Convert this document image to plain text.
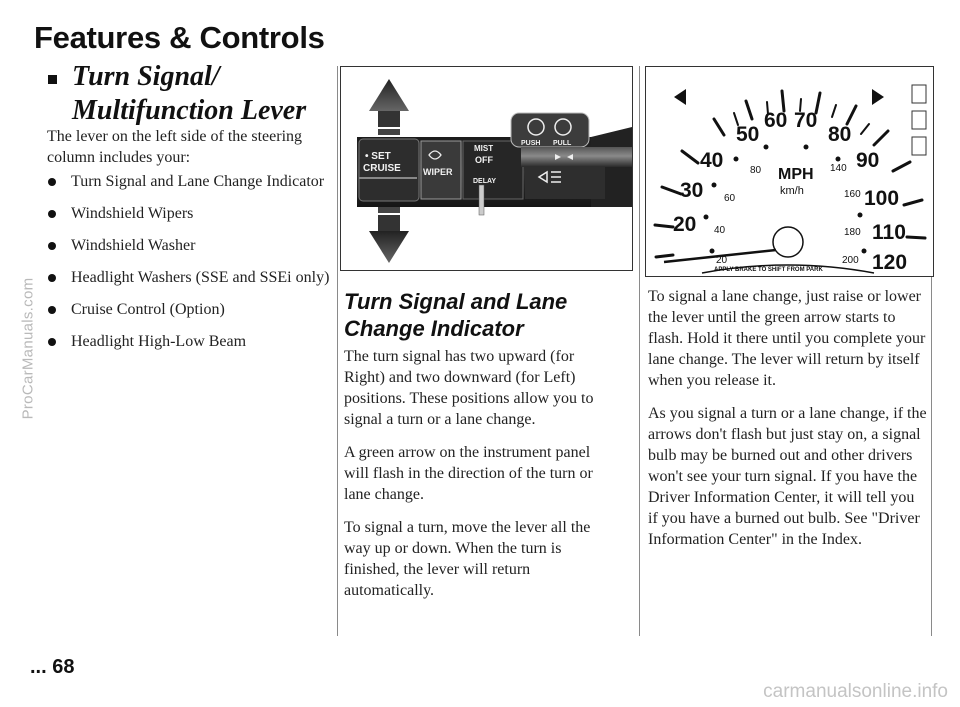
ProCarManuals.com
carmanualsonline.info
Features & Controls
Turn Signal/ Multifunction Lever

The lever on the left side of the steering column includes your:

Turn Signal and Lane Change Indicator
Windshield Wipers
Windshield Washer
Headlight Washers (SSE and SSEi only)
Cruise Control (Option)
Headlight High-Low Beam
• SET
CRUISE WIPER
MIST
OFF
DELAY
PUSH PULL
Turn Signal and Lane Change Indicator

The turn signal has two upward (for Right) and two downward (for Left) positions. These positions allow you to signal a turn or a lane change.

A green arrow on the instrument panel will flash in the direction of the turn or lane change.

To signal a turn, move the lever all the way up or down. When the turn is finished, the lever will return automatically.

20
30
40
50
60 70
80
90
100
110
120
20
40
60
80	140
160
180
200
MPH
km/h
APPLY BRAKE TO SHIFT FROM PARK

To signal a lane change, just raise or lower the lever until the green arrow starts to flash. Hold it there until you complete your lane change. The lever will return by itself when you release it.

As you signal a turn or a lane change, if the arrows don't flash but just stay on, a signal bulb may be burned out and other drivers won't see your turn signal. If you have the Driver Information Center, it will tell you if you have a burned out bulb. See "Driver Information Center" in the Index.

... 68
